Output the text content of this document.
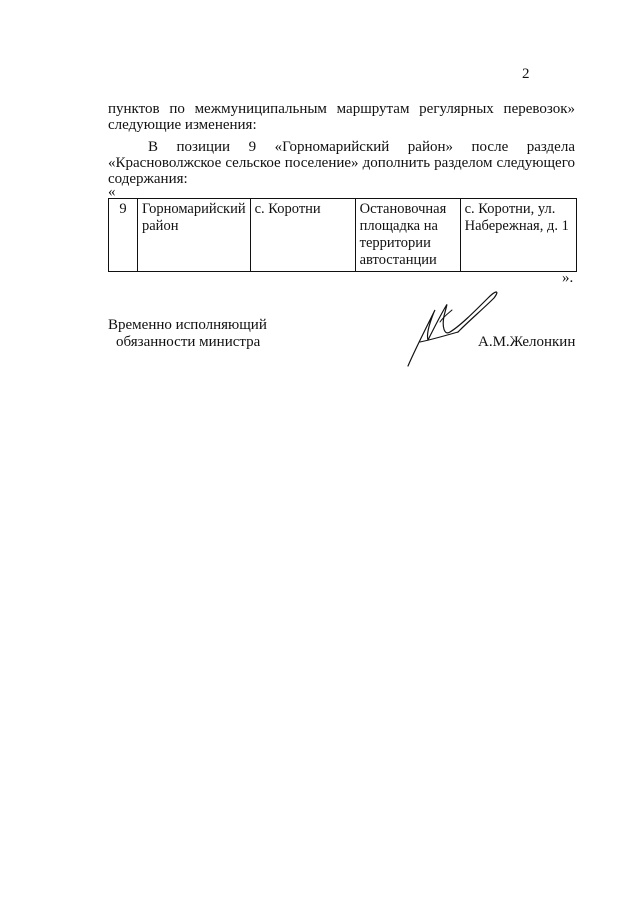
2
пунктов по межмуниципальным маршрутам регулярных перевозок» следующие изменения:
В позиции 9 «Горномарийский район» после раздела «Красноволжское сельское поселение» дополнить разделом следующего содержания:
«
9	Горномарийский район	с. Коротни	Остановочная площадка на территории автостанции	с. Коротни, ул. Набережная, д. 1
».
Временно исполняющий
обязанности министра	А.М.Желонкин
